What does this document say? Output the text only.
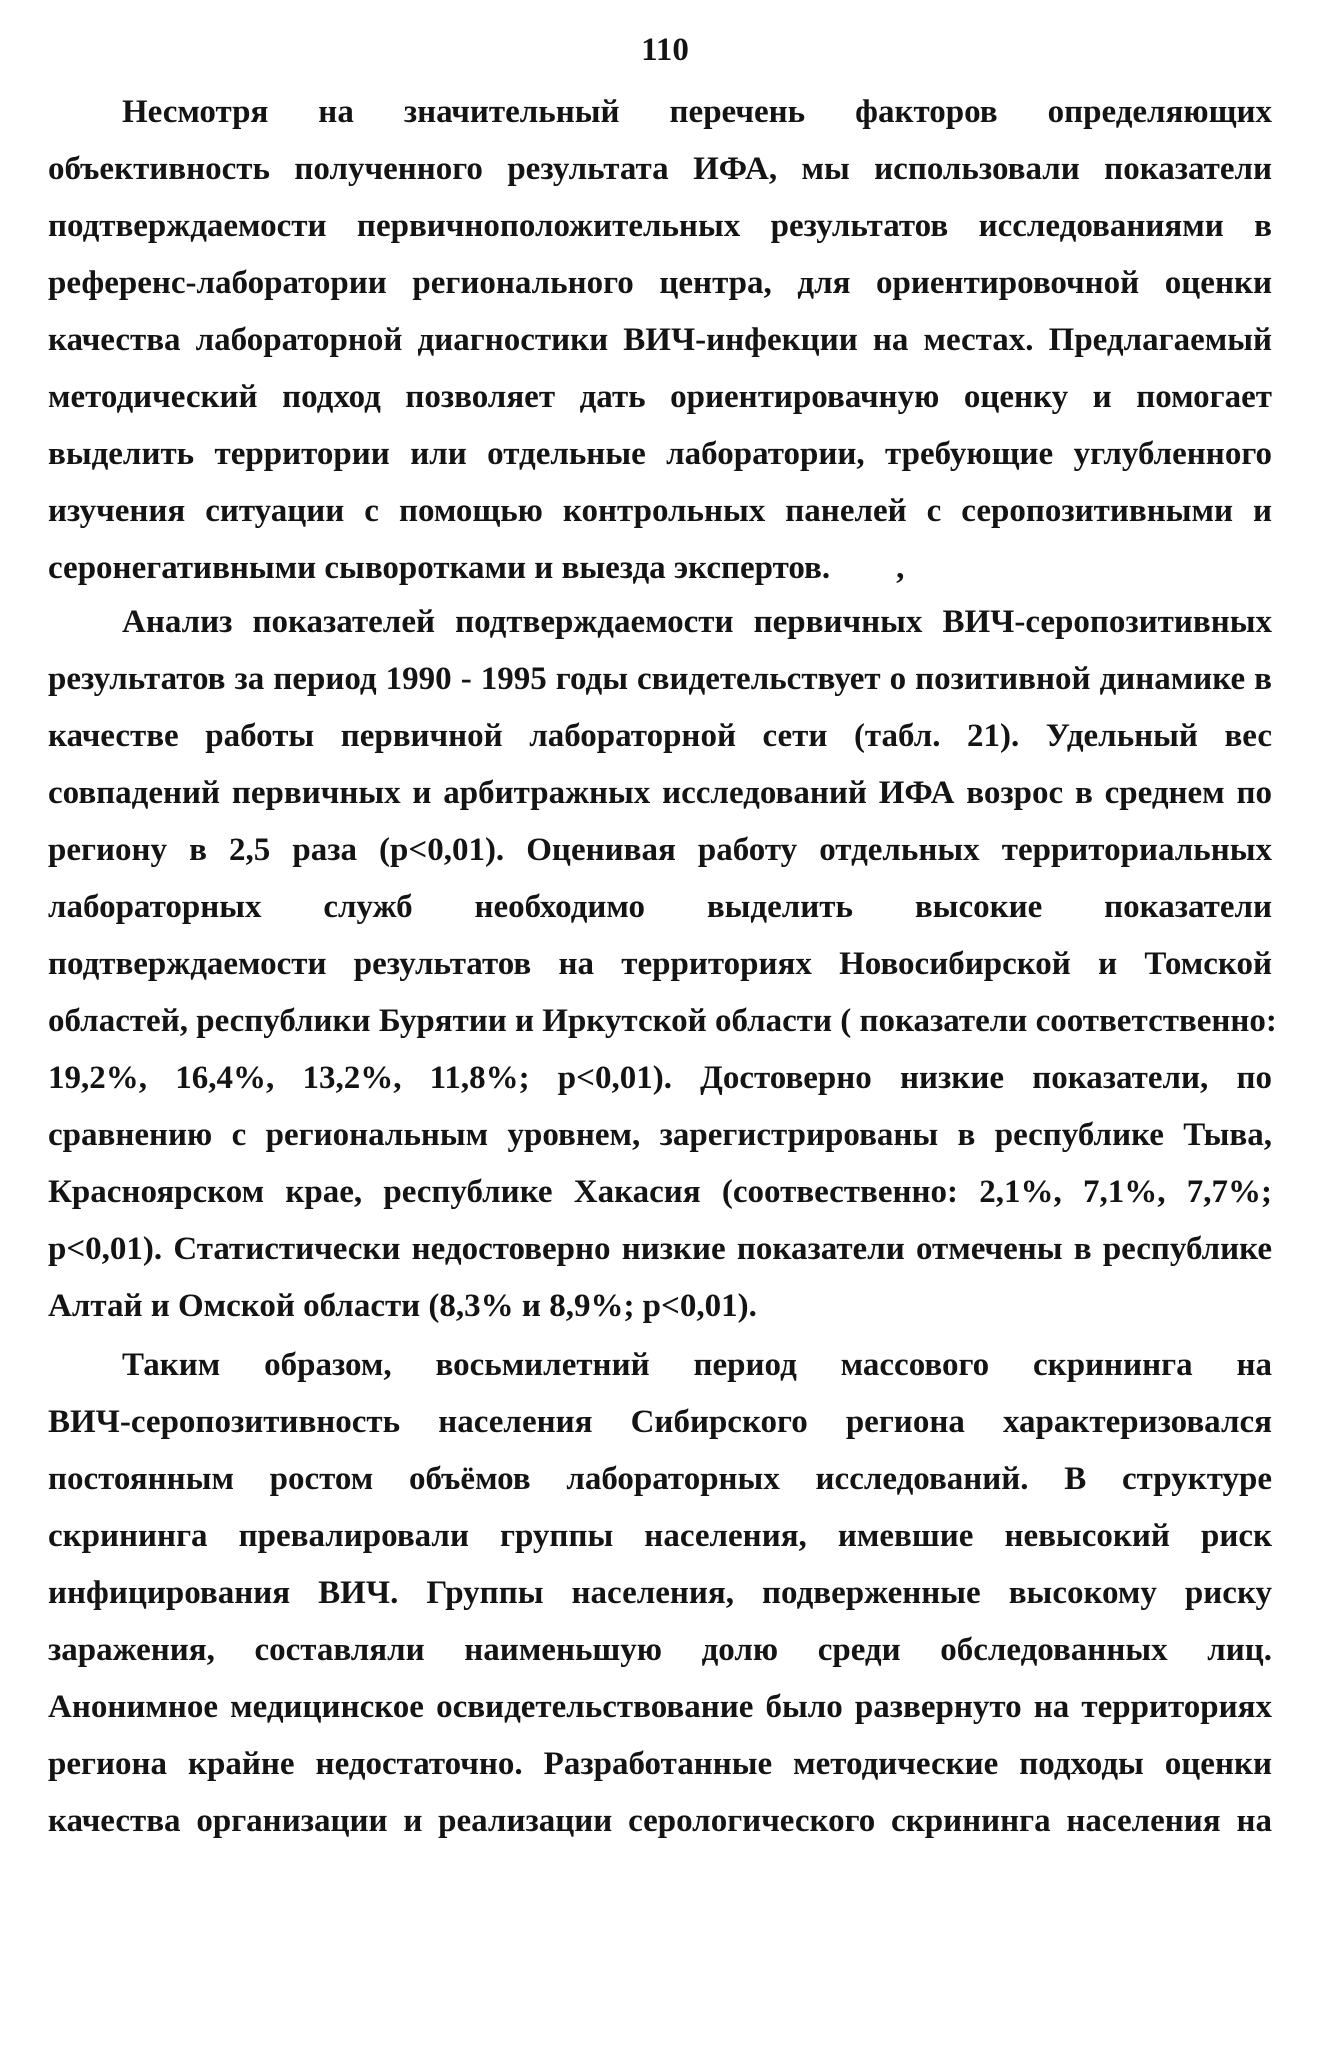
110
Несмотря на значительный перечень факторов определяющих
объективность полученного результата ИФА, мы использовали показатели
подтверждаемости первичноположительных результатов исследованиями в
референс-лаборатории регионального центра, для ориентировочной оценки
качества лабораторной диагностики ВИЧ-инфекции на местах. Предлагаемый
методический подход позволяет дать ориентировачную оценку и помогает
выделить территории или отдельные лаборатории, требующие углубленного
изучения ситуации с помощью контрольных панелей с серопозитивными и
серонегативными сыворотками и выезда экспертов.        ,
Анализ показателей подтверждаемости первичных ВИЧ-серопозитивных
результатов за период 1990 - 1995 годы свидетельствует о позитивной динамике в
качестве работы первичной лабораторной сети (табл. 21). Удельный вес
совпадений первичных и арбитражных исследований ИФА возрос в среднем по
региону в 2,5 раза (p<0,01). Оценивая работу отдельных территориальных
лабораторных служб необходимо выделить высокие показатели
подтверждаемости результатов на территориях Новосибирской и Томской
областей, республики Бурятии и Иркутской области ( показатели соответственно:
19,2%, 16,4%, 13,2%, 11,8%; p<0,01). Достоверно низкие показатели, по
сравнению с региональным уровнем, зарегистрированы в республике Тыва,
Красноярском крае, республике Хакасия (соотвественно: 2,1%, 7,1%, 7,7%;
p<0,01). Статистически недостоверно низкие показатели отмечены в республике
Алтай и Омской области (8,3% и 8,9%; p<0,01).
Таким образом, восьмилетний период массового скрининга на
ВИЧ-серопозитивность населения Сибирского региона характеризовался
постоянным ростом объёмов лабораторных исследований. В структуре
скрининга превалировали группы населения, имевшие невысокий риск
инфицирования ВИЧ. Группы населения, подверженные высокому риску
заражения, составляли наименьшую долю среди обследованных лиц.
Анонимное медицинское освидетельствование было развернуто на территориях
региона крайне недостаточно. Разработанные методические подходы оценки
качества организации и реализации серологического скрининга населения на
